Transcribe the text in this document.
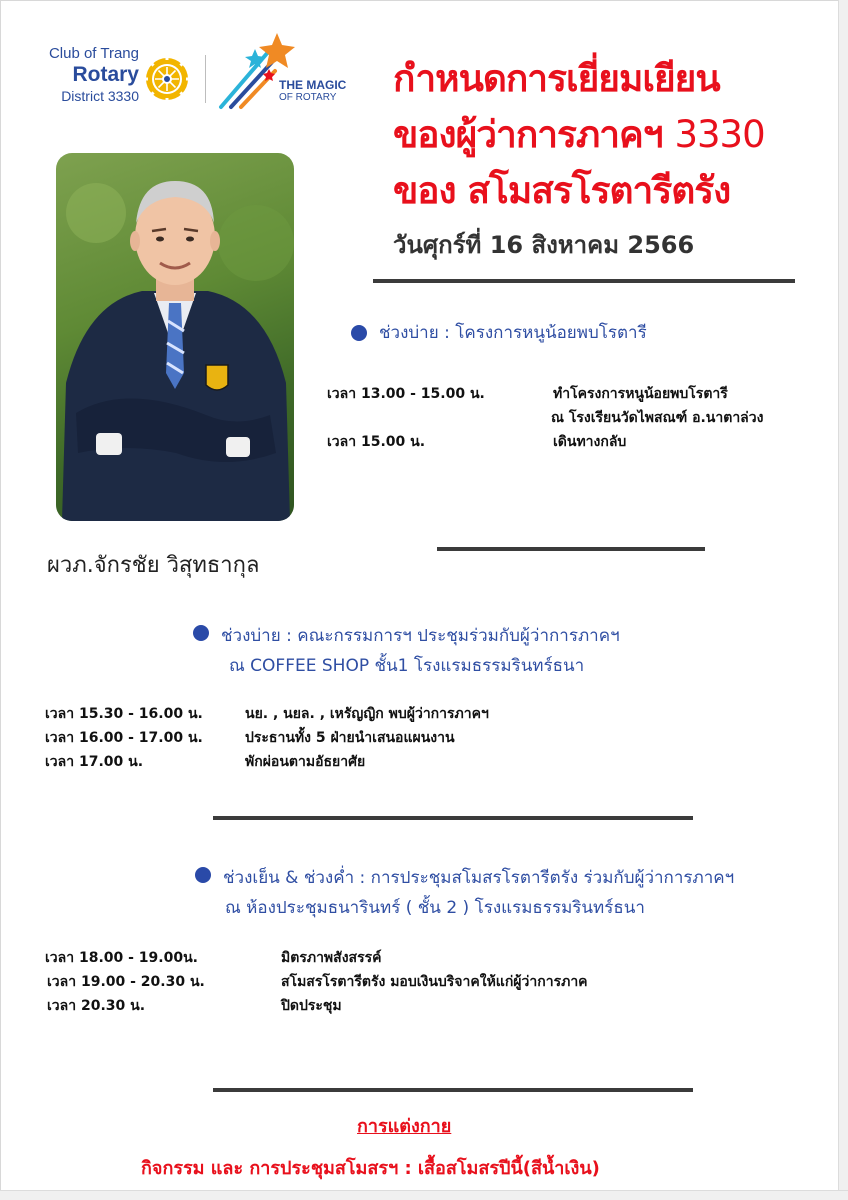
Club of Trang
Rotary
District 3330
THE MAGIC
OF ROTARY กำหนดการเยี่ยมเยียน
ของผู้ว่าการภาคฯ 3330
ของ สโมสรโรตารีตรัง
วันศุกร์ที่ 16 สิงหาคม 2566
ผวภ.จักรชัย วิสุทธากุล
ช่วงบ่าย : โครงการหนูน้อยพบโรตารี
เวลา 13.00 - 15.00 น.	ทำโครงการหนูน้อยพบโรตารี
ณ โรงเรียนวัดไพสณฑ์ อ.นาตาล่วง
เวลา 15.00 น.	เดินทางกลับ
ช่วงบ่าย : คณะกรรมการฯ ประชุมร่วมกับผู้ว่าการภาคฯ
ณ COFFEE SHOP ชั้น1 โรงแรมธรรมรินทร์ธนา
เวลา 15.30 - 16.00 น.	นย. , นยล. , เหรัญญิก พบผู้ว่าการภาคฯ
เวลา 16.00 - 17.00 น.	ประธานทั้ง 5 ฝ่ายนำเสนอแผนงาน
เวลา 17.00 น.	พักผ่อนตามอัธยาศัย
ช่วงเย็น & ช่วงค่ำ : การประชุมสโมสรโรตารีตรัง ร่วมกับผู้ว่าการภาคฯ
ณ ห้องประชุมธนารินทร์ ( ชั้น 2 ) โรงแรมธรรมรินทร์ธนา
เวลา 18.00 - 19.00น.	มิตรภาพสังสรรค์
เวลา 19.00 - 20.30 น.	สโมสรโรตารีตรัง มอบเงินบริจาคให้แก่ผู้ว่าการภาค
เวลา 20.30 น.	ปิดประชุม
การแต่งกาย
กิจกรรม และ การประชุมสโมสรฯ : เสื้อสโมสรปีนี้(สีน้ำเงิน)
